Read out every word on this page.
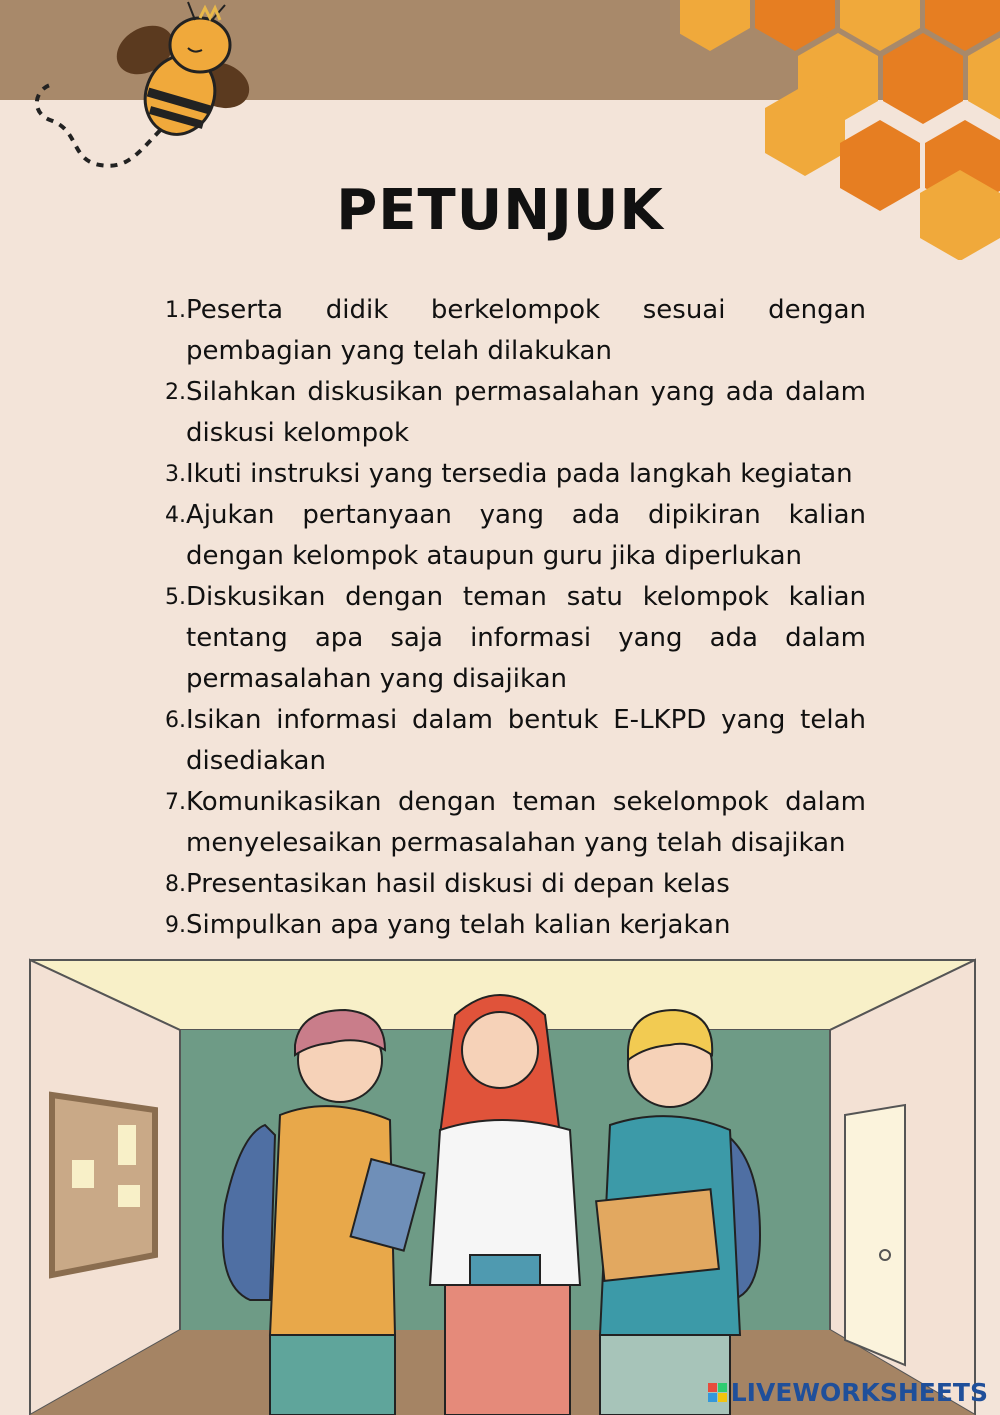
PETUNJUK
1. Peserta didik berkelompok sesuai dengan pembagian yang telah dilakukan
2. Silahkan diskusikan permasalahan yang ada dalam diskusi kelompok
3. Ikuti instruksi yang tersedia pada langkah kegiatan
4. Ajukan pertanyaan yang ada dipikiran kalian dengan kelompok ataupun guru jika diperlukan
5. Diskusikan dengan teman satu kelompok kalian tentang apa saja informasi yang ada dalam permasalahan yang disajikan
6. Isikan informasi dalam bentuk E-LKPD yang telah disediakan
7. Komunikasikan dengan teman sekelompok dalam menyelesaikan permasalahan yang telah disajikan
8. Presentasikan hasil diskusi di depan kelas
9. Simpulkan apa yang telah kalian kerjakan
LIVEWORKSHEETS
